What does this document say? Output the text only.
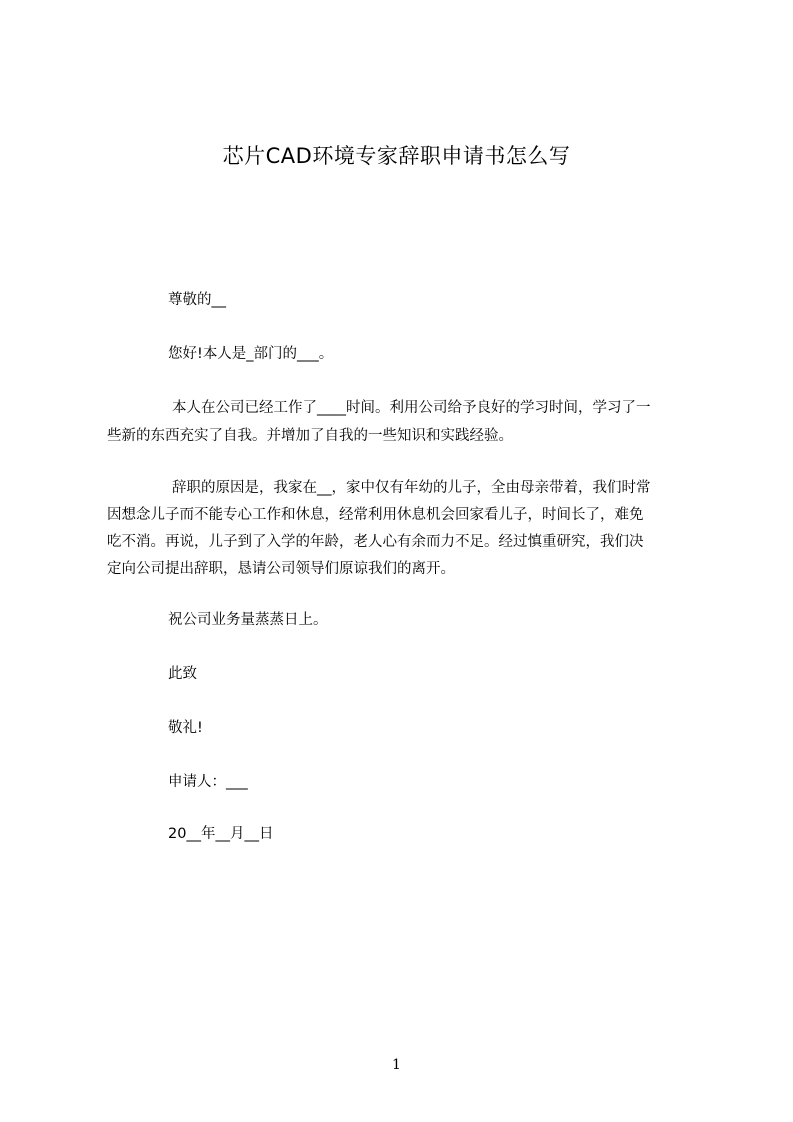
芯片CAD环境专家辞职申请书怎么写

尊敬的__

您好!本人是_部门的___。

本人在公司已经工作了____时间。利用公司给予良好的学习时间，学习了一
些新的东西充实了自我。并增加了自我的一些知识和实践经验。
辞职的原因是，我家在__，家中仅有年幼的儿子，全由母亲带着，我们时常
因想念儿子而不能专心工作和休息，经常利用休息机会回家看儿子，时间长了，难免
吃不消。再说，儿子到了入学的年龄，老人心有余而力不足。经过慎重研究，我们决
定向公司提出辞职，恳请公司领导们原谅我们的离开。

祝公司业务量蒸蒸日上。

此致

敬礼!

申请人：___

20__年__月__日

1
